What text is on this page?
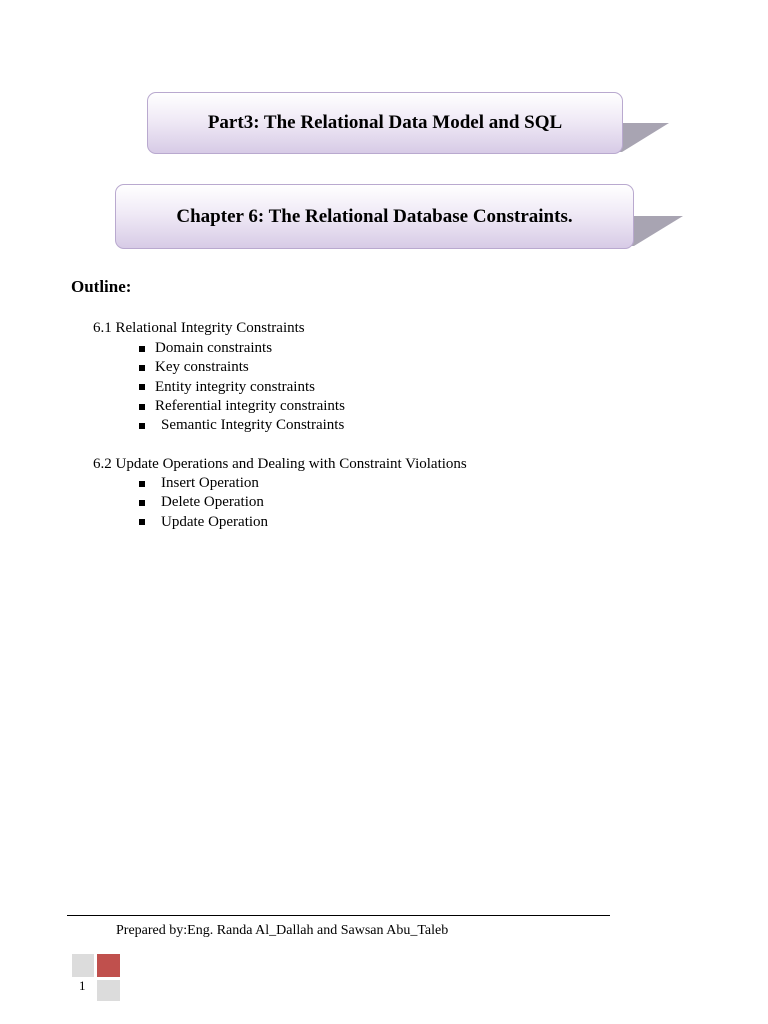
Part3: The Relational Data Model and SQL
Chapter 6: The Relational Database Constraints.
Outline:
6.1 Relational Integrity Constraints
Domain constraints
Key constraints
Entity integrity constraints
Referential integrity constraints
Semantic Integrity Constraints
6.2 Update Operations and Dealing with Constraint Violations
Insert Operation
Delete Operation
Update Operation
Prepared by:Eng. Randa Al_Dallah and Sawsan Abu_Taleb
1
